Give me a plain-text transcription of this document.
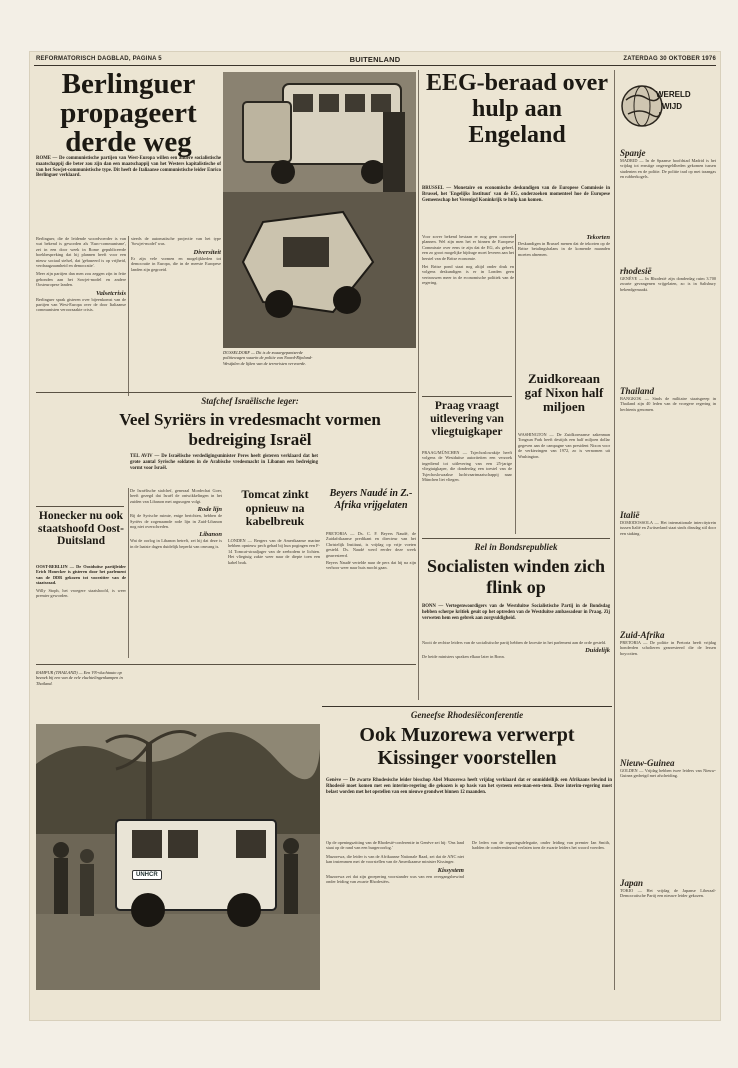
REFORMATORISCH DAGBLAD, PAGINA 5	BUITENLAND	ZATERDAG 30 OKTOBER 1976
Berlinguer propageert derde weg
ROME — De communistische partijen van West-Europa willen een andere socialistische maatschappij die beter zou zijn dan een maatschappij van het Westers kapitalistische of van het Sowjet-communistische type. Dit heeft de Italiaanse communistische leider Enrico Berlinguer verklaard.
Berlinguer, die de leidende woordvoerder is van wat bekend is geworden als 'Euro-communisme', zei in een door week in Rome gepubliceerde boekbespreking dat hij plannen heeft voor een nieuw sociaal stelsel, dat 'gebaseerd is op vrijheid, verdraagzaamheid en democratie'.
Meer zijn partijen dan men zou zeggen zijn in feite gebonden aan het Sowjet-model en andere Oosteuropese landen.
Valsetcrisis
Berlinguer sprak gisteren over bijeenkomst van de partijen van West-Europa over de door Italiaanse communisten veroorzaakte crisis.
steeds de automatische projectie van het type 'Sowjet-model' was.
Diversiteit
Er zijn vele vormen en mogelijkheden tot democratie in Europa, die in de meeste Europese landen zijn gegroeid.
Honecker nu ook staatshoofd Oost-Duitsland
OOST-BERLIJN — De Oostduitse partijleider Erich Honecker is gisteren door het parlement van de DDR gekozen tot voorzitter van de staatsraad.
Willy Stoph, het vroegere staatshoofd, is weer premier geworden.
DUSSELDORF — Dit is de zwaargepantserde politiewagen waarin de politie van Noord-Rijnland-Westfalen de lijken van de terroristen vervoerde.
EEG-beraad over hulp aan Engeland
BRUSSEL — Monetaire en economische deskundigen van de Europese Commissie in Brussel, het 'Engelijks Instituut' van de EG, onderzoeken momenteel hoe de Europese Gemeenschap het Verenigd Koninkrijk te hulp kan komen.
Voor zover bekend bestaan er nog geen concrete plannen. Wel zijn men het er binnen de Europese Commissie over eens te zijn dat de EG, als geheel, een zo groot mogelijke bijdrage moet leveren aan het herstel van de Britse economie.
Het Britse pond staat nog altijd onder druk en volgens deskundigen is er in Londen geen vertrouwen meer in de economische politiek van de regering.
Tekorten
Deskundigen in Brussel menen dat de tekorten op de Britse betalingsbalans in de komende maanden moeten afnemen.
Praag vraagt uitlevering van vliegtuigkaper
PRAAG/MÜNCHEN — Tsjechoslowakije heeft volgens de Westduitse autoriteiten een verzoek ingediend tot uitlevering van een 25-jarige vliegtuigkaper, die donderdag een toestel van de Tsjechoslowaakse luchtvaartmaatschappij naar München liet vliegen.
Zuidkoreaan gaf Nixon half miljoen
WASHINGTON — De Zuidkoreaanse zakenman Tongsun Park heeft destijds een half miljoen dollar gegeven aan de campagne van president Nixon voor de verkiezingen van 1972, zo is vernomen uit Washington.
Stafchef Israëlische leger:
Veel Syriërs in vredesmacht vormen bedreiging Israël
TEL AVIV — De Israëlische verdedigingsminister Peres heeft gisteren verklaard dat het grote aantal Syrische soldaten in de Arabische vredesmacht in Libanon een bedreiging vormt voor Israël.
De Israëlische stafchef, generaal Mordechai Goer, heeft gezegd dat Israël de ontwikkelingen in het zuiden van Libanon met argusogen volgt.
Rode lijn
Bij de Syrische ruimte, enige berichten, hebben de Syriërs de zogenaamde rode lijn in Zuid-Libanon nog niet overschreden.
Libanon
Wat de oorlog in Libanon betreft, zei hij dat deze is in de laatste dagen duidelijk beperkt van omvang is.
Tomcat zinkt opnieuw na kabelbreuk
LONDEN — Bergers van de Amerikaanse marine hebben opnieuw pech gehad bij hun pogingen een F-14 Tomcat-straaljager van de zeebodem te lichten. Het vliegtuig zakte weer naar de diepte toen een kabel brak.
Beyers Naudé in Z.-Afrika vrijgelaten
PRETORIA — Ds. C. F. Beyers Naudé, de Zuidafrikaanse predikant en directeur van het Christelijk Instituut, is vrijdag op vrije voeten gesteld. Ds. Naudé werd eerder deze week gearresteerd.
Beyers Naudé vertelde naar de pers dat hij na zijn verhoor weer naar huis mocht gaan.
Rel in Bondsrepubliek
Socialisten winden zich flink op
BONN — Vertegenwoordigers van de Westduitse Socialistische Partij in de Bondsdag hebben scherpe kritiek geuit op het optreden van de Westduitse ambassadeur in Praag. Zij verweten hem een gebrek aan zorgvuldigheid.
Nooit de rechtse leiders van de socialistische partij hebben de kwestie in het parlement aan de orde gesteld.
Duidelijk
De beide ministers spraken elkaar later in Bonn.
Geneefse Rhodesiëconferentie
Ook Muzorewa verwerpt Kissinger voorstellen
Genève — De zwarte Rhodesische leider bisschop Abel Muzorewa heeft vrijdag verklaard dat er onmiddellijk een Afrikaans bewind in Rhodesië moet komen met een interim-regering die gekozen is op basis van het systeem een-man-een-stem. Deze interim-regering moet belast worden met het opstellen van een nieuwe grondwet binnen 12 maanden.
Op de openingszitting van de Rhodesië-conferentie in Genève zei hij: 'Ons land staat op de rand van een burgeroorlog.'
Muzorewa, die leider is van de Afrikaanse Nationale Raad, zei dat de ANC niet kan instemmen met de voorstellen van de Amerikaanse minister Kissinger.
Kissystem
Muzorewa zei dat zijn groepering voorstander was van een overgangsbewind onder leiding van zwarte Rhodesiërs.
De leden van de regeringsdelegatie, onder leiding van premier Ian Smith, hadden de conferentiezaal verlaten toen de zwarte leiders het woord voerden.
UNHCR
RAMPUR (THAILAND) — Een VN-vluchtauto op bezoek bij een van de vele vluchtelingenkampen in Thailand.
WERELD
WIJD
Spanje
MADRID — In de Spaanse hoofdstad Madrid is het vrijdag tot ernstige ongeregeldheden gekomen tussen studenten en de politie. De politie trad op met traangas en rubberkogels.
rhodesië
GENÈVE — In Rhodesië zijn donderdag ruim 3.700 zwarte gevangenen vrijgelaten, zo is in Salisbury bekendgemaakt.
Thailand
BANGKOK — Sinds de militaire staatsgreep in Thailand zijn 40 leden van de vroegere regering in hechtenis genomen.
Italië
DOMODOSSOLA — Het internationale intercitytrein tussen Italië en Zwitserland staat sinds dinsdag stil door een staking.
Zuid-Afrika
PRETORIA — De politie in Pretoria heeft vrijdag honderden scholieren gearresteerd die de lessen boycotten.
Nieuw-Guinea
GOLDEN — Vrijdag hebben twee leiders van Nieuw-Guinea gedreigd met afscheiding.
Japan
TOKIO — Het vrijdag de Japanse Liberaal-Democratische Partij een nieuwe leider gekozen.
